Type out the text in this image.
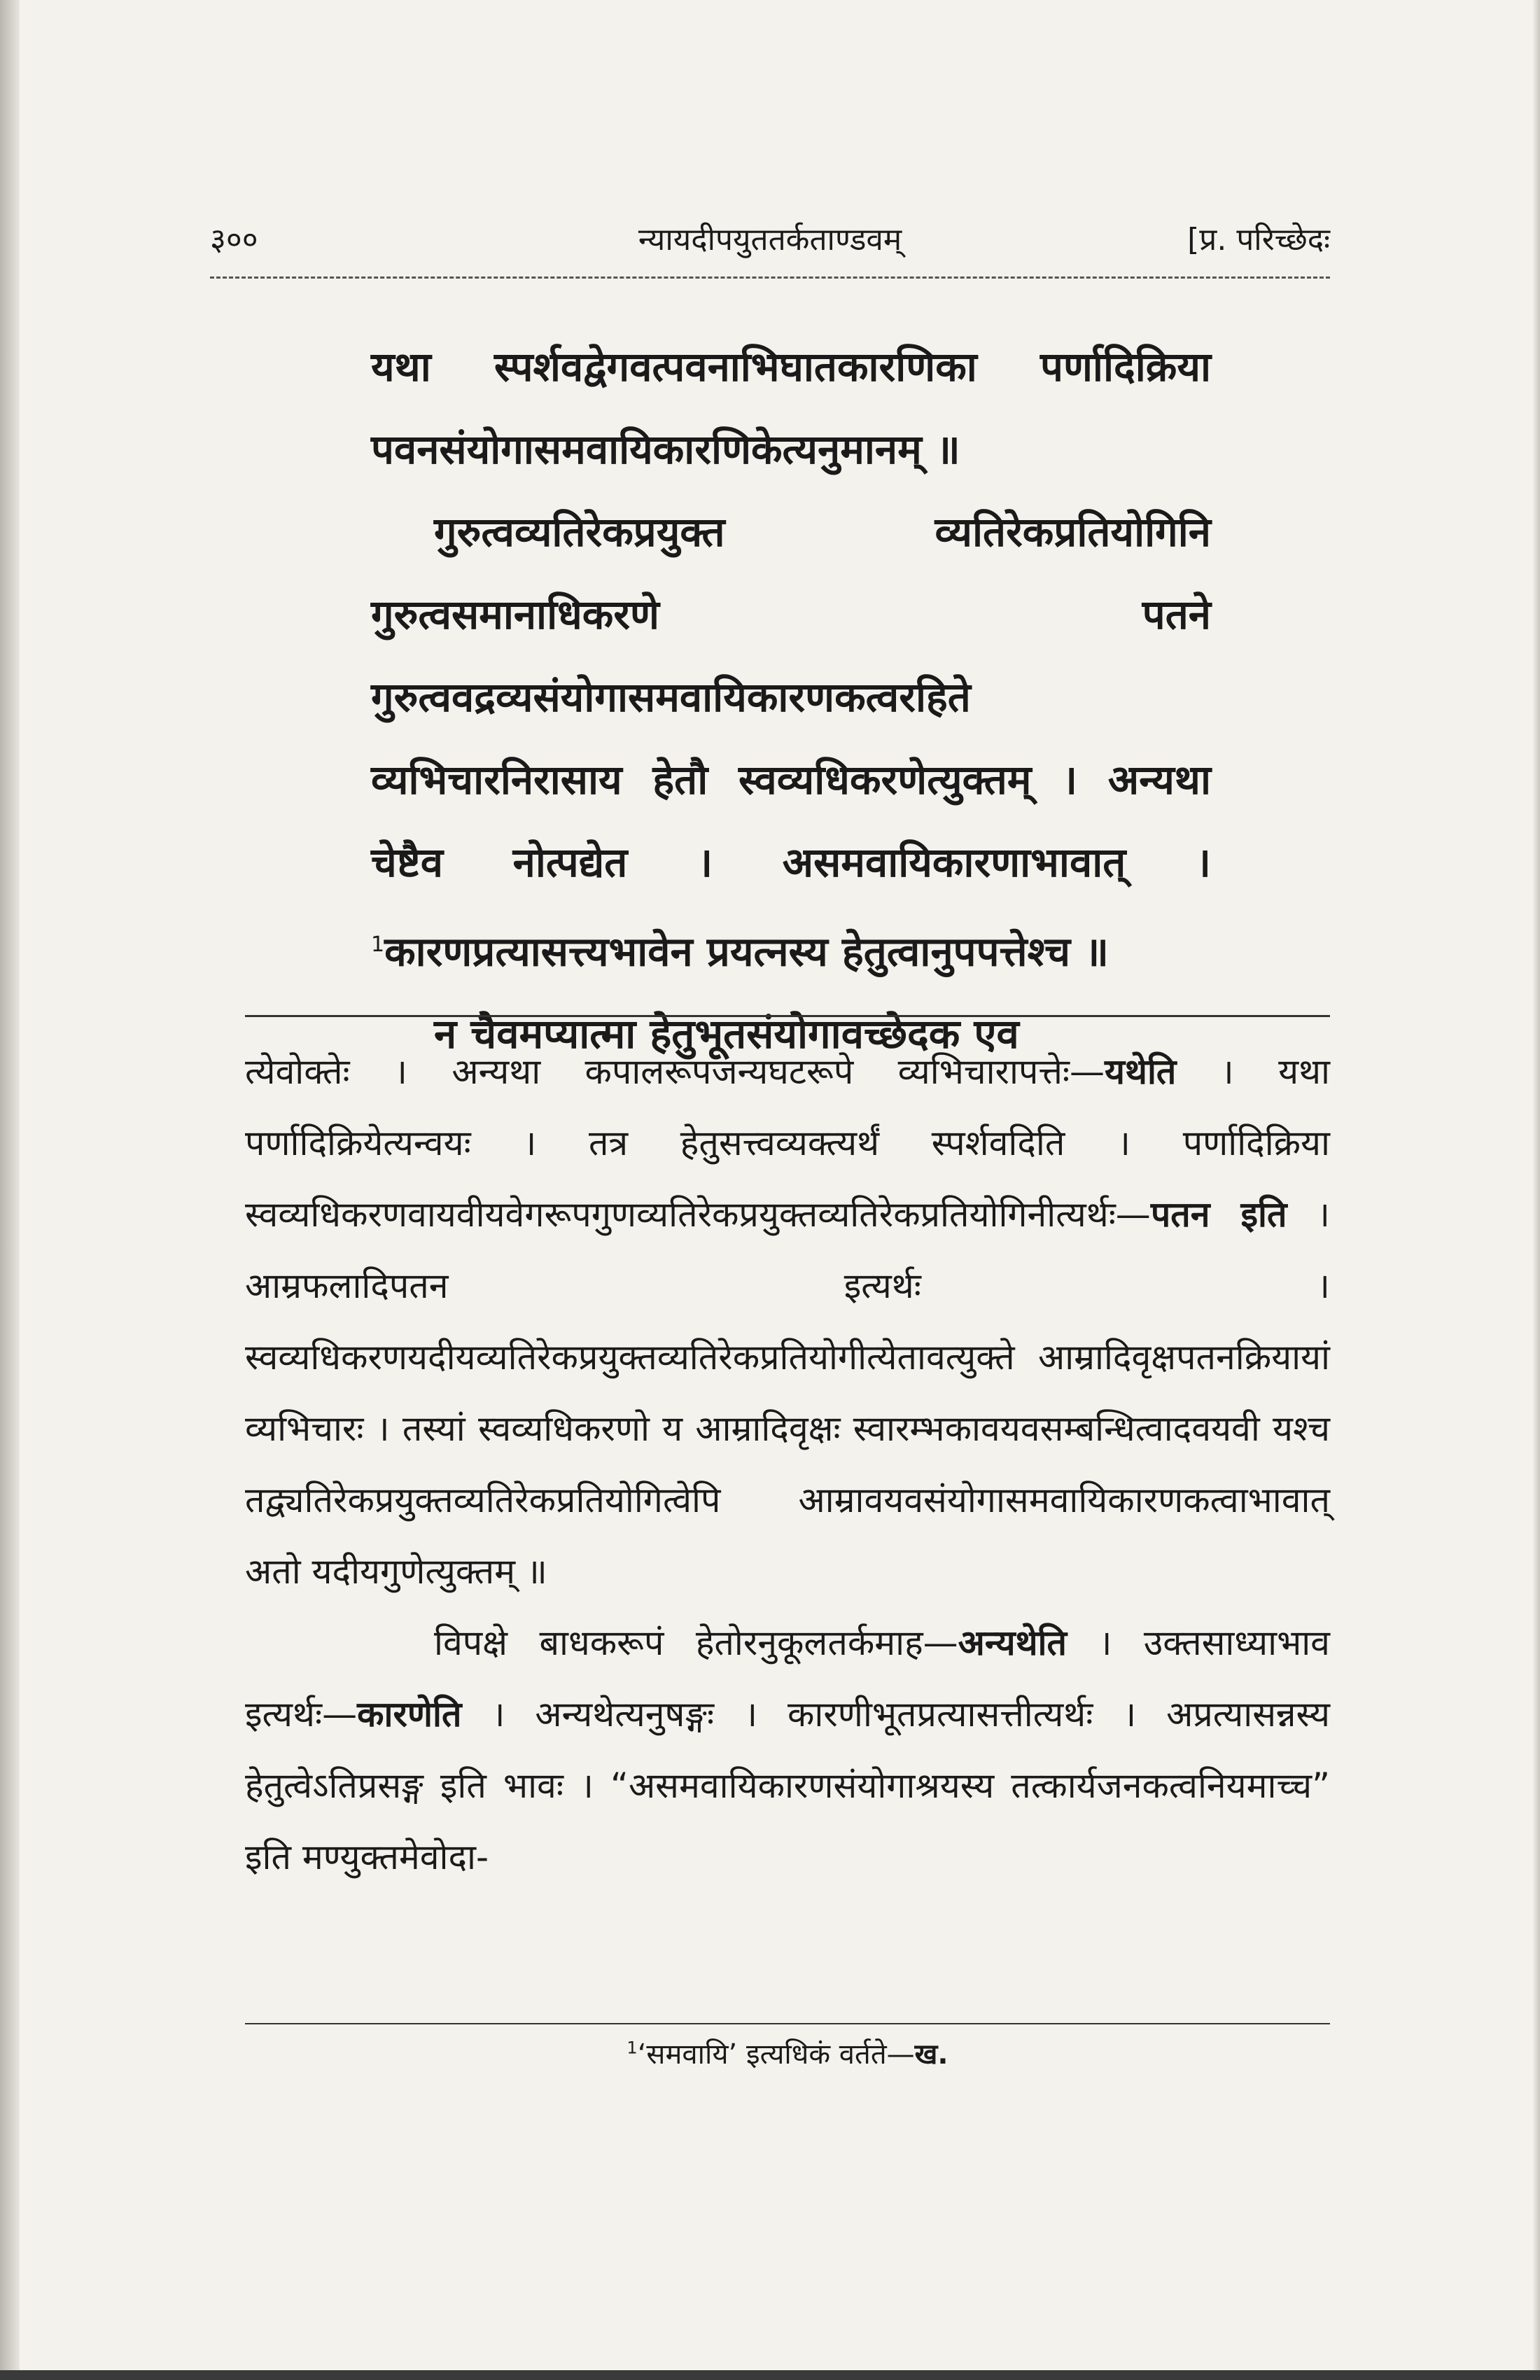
३००	न्यायदीपयुततर्कताण्डवम्	[प्र. परिच्छेदः

यथा स्पर्शवद्वेगवत्पवनाभिघातकारणिका पर्णादिक्रिया पवनसंयोगासमवायिकारणिकेत्यनुमानम् ॥

गुरुत्वव्यतिरेकप्रयुक्त व्यतिरेकप्रतियोगिनि गुरुत्वसमानाधिकरणे पतने गुरुत्ववद्रव्यसंयोगासमवायिकारणकत्वरहिते व्यभिचारनिरासाय हेतौ स्वव्यधिकरणेत्युक्तम् । अन्यथा चेष्टैव नोत्पद्येत । असमवायिकारणाभावात् । $^1$कारणप्रत्यासत्त्यभावेन प्रयत्नस्य हेतुत्वानुपपत्तेश्च ॥

न चैवमप्यात्मा हेतुभूतसंयोगावच्छेदक एव

त्येवोक्तेः । अन्यथा कपालरूपजन्यघटरूपे व्यभिचारापत्तेः—यथेति । यथा पर्णादिक्रियेत्यन्वयः । तत्र हेतुसत्त्वव्यक्त्यर्थं स्पर्शवदिति । पर्णादिक्रिया स्वव्यधिकरणवायवीयवेगरूपगुणव्यतिरेकप्रयुक्तव्यतिरेकप्रतियोगिनीत्यर्थः—पतन इति । आम्रफलादिपतन इत्यर्थः । स्वव्यधिकरणयदीयव्यतिरेकप्रयुक्तव्यतिरेकप्रतियोगीत्येतावत्युक्ते आम्रादिवृक्षपतनक्रियायां व्यभिचारः । तस्यां स्वव्यधिकरणो य आम्रादिवृक्षः स्वारम्भकावयवसम्बन्धित्वादवयवी यश्च तद्व्यतिरेकप्रयुक्तव्यतिरेकप्रतियोगित्वेपि आम्रावयवसंयोगासमवायिकारणकत्वाभावात् अतो यदीयगुणेत्युक्तम् ॥

विपक्षे बाधकरूपं हेतोरनुकूलतर्कमाह—अन्यथेति । उक्तसाध्याभाव इत्यर्थः—कारणेति । अन्यथेत्यनुषङ्गः । कारणीभूतप्रत्यासत्तीत्यर्थः । अप्रत्यासन्नस्य हेतुत्वेऽतिप्रसङ्ग इति भावः । “असमवायिकारणसंयोगाश्रयस्य तत्कार्यजनकत्वनियमाच्च” इति मण्युक्तमेवोदा-

$^1$‘समवायि’ इत्यधिकं वर्तते—ख.
